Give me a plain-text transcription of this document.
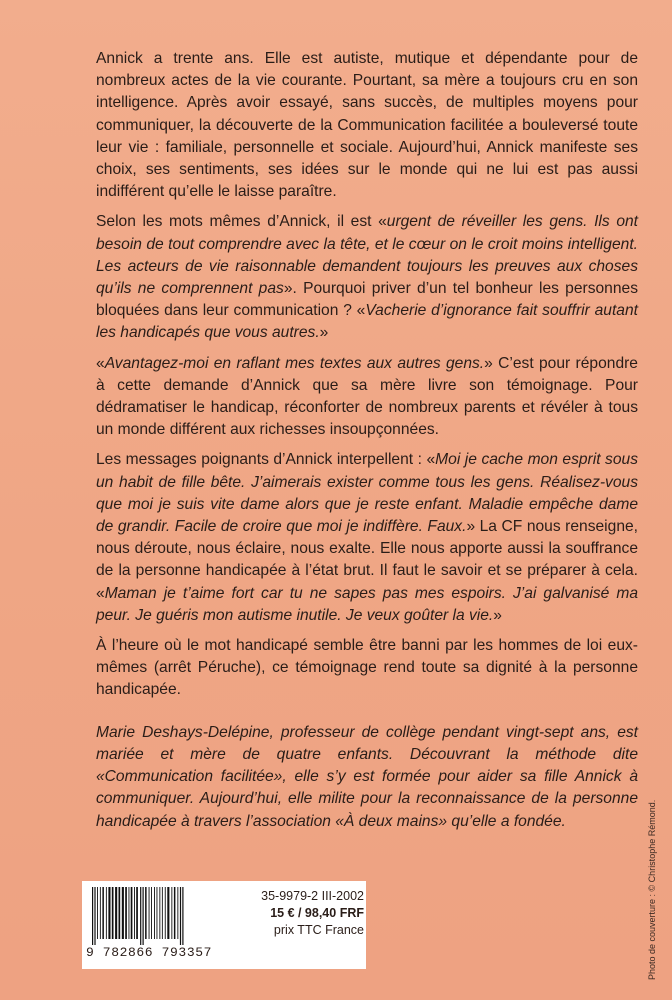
Annick a trente ans. Elle est autiste, mutique et dépendante pour de nombreux actes de la vie courante. Pourtant, sa mère a toujours cru en son intelligence. Après avoir essayé, sans succès, de multiples moyens pour communiquer, la découverte de la Communication facilitée a bouleversé toute leur vie : familiale, personnelle et sociale. Aujourd’hui, Annick manifeste ses choix, ses sentiments, ses idées sur le monde qui ne lui est pas aussi indifférent qu’elle le laisse paraître.

Selon les mots mêmes d’Annick, il est «urgent de réveiller les gens. Ils ont besoin de tout comprendre avec la tête, et le cœur on le croit moins intelligent. Les acteurs de vie raisonnable demandent toujours les preuves aux choses qu’ils ne comprennent pas». Pourquoi priver d’un tel bonheur les personnes bloquées dans leur communication ? «Vacherie d’ignorance fait souffrir autant les handicapés que vous autres.»

«Avantagez-moi en raflant mes textes aux autres gens.» C’est pour répondre à cette demande d’Annick que sa mère livre son témoignage. Pour dédramatiser le handicap, réconforter de nombreux parents et révéler à tous un monde différent aux richesses insoupçonnées.

Les messages poignants d’Annick interpellent : «Moi je cache mon esprit sous un habit de fille bête. J’aimerais exister comme tous les gens. Réalisez-vous que moi je suis vite dame alors que je reste enfant. Maladie empêche dame de grandir. Facile de croire que moi je indiffère. Faux.» La CF nous renseigne, nous déroute, nous éclaire, nous exalte. Elle nous apporte aussi la souffrance de la personne handicapée à l’état brut. Il faut le savoir et se préparer à cela. «Maman je t’aime fort car tu ne sapes pas mes espoirs. J’ai galvanisé ma peur. Je guéris mon autisme inutile. Je veux goûter la vie.»

À l’heure où le mot handicapé semble être banni par les hommes de loi eux-mêmes (arrêt Péruche), ce témoignage rend toute sa dignité à la personne handicapée.

Marie Deshays-Delépine, professeur de collège pendant vingt-sept ans, est mariée et mère de quatre enfants. Découvrant la méthode dite «Communication facilitée», elle s’y est formée pour aider sa fille Annick à communiquer. Aujourd’hui, elle milite pour la reconnaissance de la personne handicapée à travers l’association «À deux mains» qu’elle a fondée.	Photo de couverture : © Christophe Rémond.
9 782866 793357
35-9979-2 III-2002
15 € / 98,40 FRF
prix TTC France
